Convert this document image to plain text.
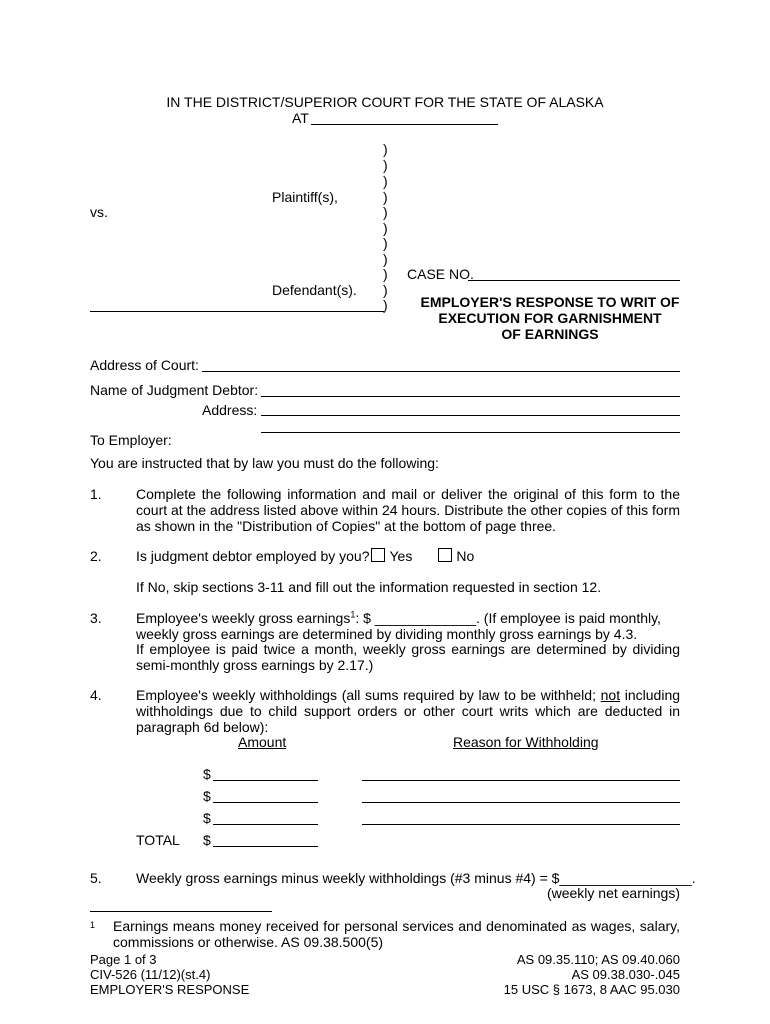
IN THE DISTRICT/SUPERIOR COURT FOR THE STATE OF ALASKA
AT
)
)
)
)
)
)
)
)
)
)
)
Plaintiff(s),
vs.
Defendant(s).
CASE NO.
EMPLOYER'S RESPONSE TO WRIT OF
EXECUTION FOR GARNISHMENT
OF EARNINGS
Address of Court:
Name of Judgment Debtor:
Address:
To Employer:
You are instructed that by law you must do the following:
1. Complete the following information and mail or deliver the original of this form to the court at the address listed above within 24 hours. Distribute the other copies of this form as shown in the "Distribution of Copies" at the bottom of page three.
2. Is judgment debtor employed by you? Yes	No
If No, skip sections 3-11 and fill out the information requested in section 12.
3. Employee's weekly gross earnings$^1$: $ _____________. (If employee is paid monthly,
weekly gross earnings are determined by dividing monthly gross earnings by 4.3.
If employee is paid twice a month, weekly gross earnings are determined by dividing semi-monthly gross earnings by 2.17.)
4. Employee's weekly withholdings (all sums required by law to be withheld; not including withholdings due to child support orders or other court writs which are deducted in paragraph 6d below):
Amount	Reason for Withholding
$
$
$
TOTAL $
5. Weekly gross earnings minus weekly withholdings (#3 minus #4) = $_________________.
(weekly net earnings)
1 Earnings means money received for personal services and denominated as wages, salary, commissions or otherwise. AS 09.38.500(5)
Page 1 of 3
CIV-526 (11/12)(st.4)
EMPLOYER'S RESPONSE
AS 09.35.110; AS 09.40.060
AS 09.38.030-.045
15 USC § 1673, 8 AAC 95.030
